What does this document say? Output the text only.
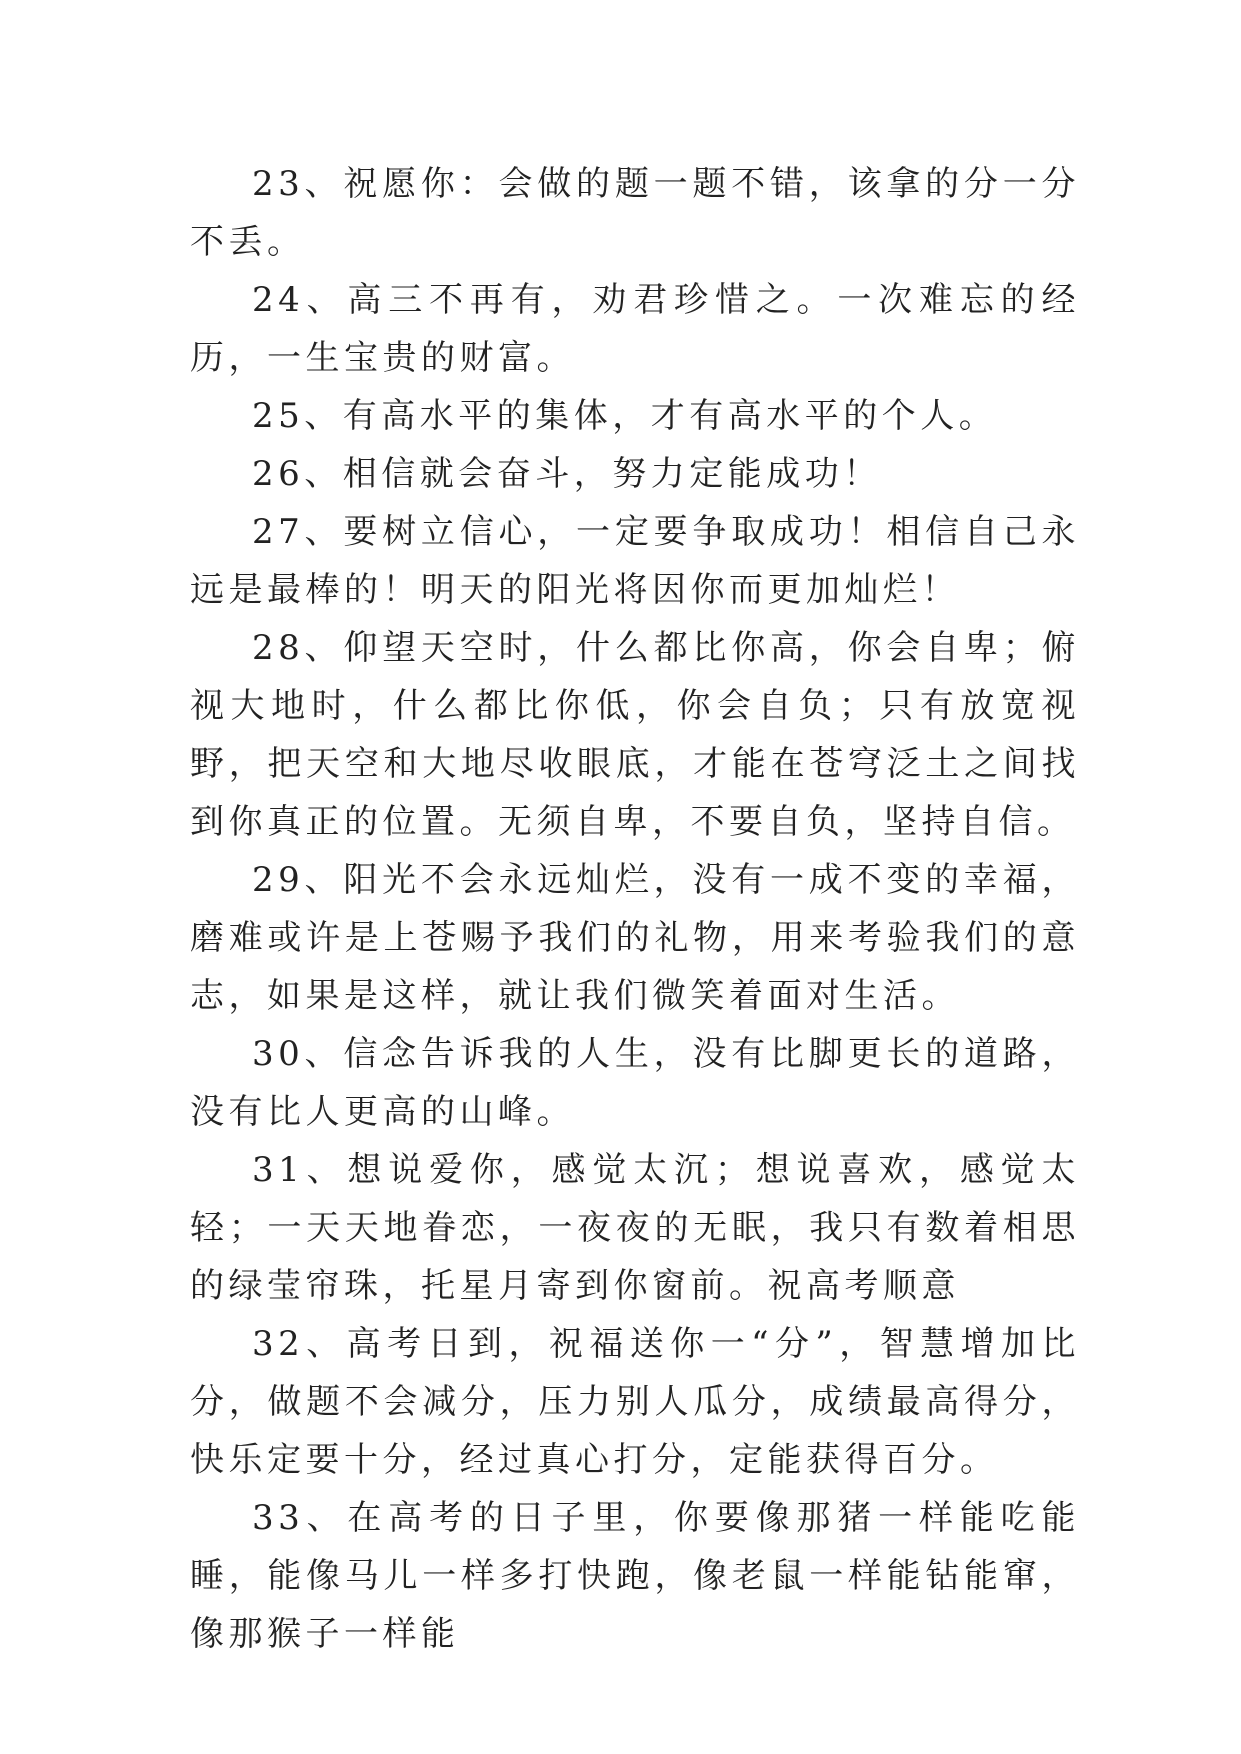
23、祝愿你：会做的题一题不错，该拿的分一分不丢。

24、高三不再有，劝君珍惜之。一次难忘的经历，一生宝贵的财富。

25、有高水平的集体，才有高水平的个人。

26、相信就会奋斗，努力定能成功！

27、要树立信心，一定要争取成功！相信自己永远是最棒的！明天的阳光将因你而更加灿烂！

28、仰望天空时，什么都比你高，你会自卑；俯视大地时，什么都比你低，你会自负；只有放宽视野，把天空和大地尽收眼底，才能在苍穹泛土之间找到你真正的位置。无须自卑，不要自负，坚持自信。

29、阳光不会永远灿烂，没有一成不变的幸福，磨难或许是上苍赐予我们的礼物，用来考验我们的意志，如果是这样，就让我们微笑着面对生活。

30、信念告诉我的人生，没有比脚更长的道路，没有比人更高的山峰。

31、想说爱你，感觉太沉；想说喜欢，感觉太轻；一天天地眷恋，一夜夜的无眠，我只有数着相思的绿莹帘珠，托星月寄到你窗前。祝高考顺意

32、高考日到，祝福送你一“分”，智慧增加比分，做题不会减分，压力别人瓜分，成绩最高得分，快乐定要十分，经过真心打分，定能获得百分。

33、在高考的日子里，你要像那猪一样能吃能睡，能像马儿一样多打快跑，像老鼠一样能钻能窜，像那猴子一样能
